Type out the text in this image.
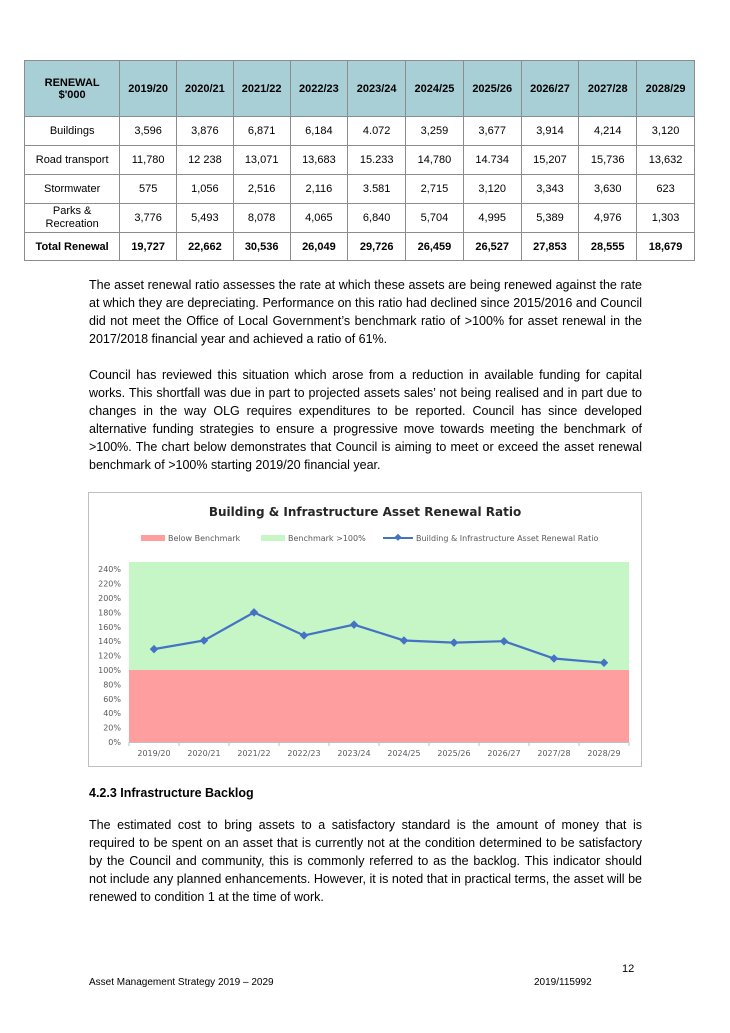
RENEWAL
$'000	2019/20	2020/21	2021/22	2022/23	2023/24	2024/25	2025/26	2026/27	2027/28	2028/29
Buildings	3,596	3,876	6,871	6,184	4.072	3,259	3,677	3,914	4,214	3,120
Road transport	11,780	12 238	13,071	13,683	15.233	14,780	14.734	15,207	15,736	13,632
Stormwater	575	1,056	2,516	2,116	3.581	2,715	3,120	3,343	3,630	623
Parks &
Recreation	3,776	5,493	8,078	4,065	6,840	5,704	4,995	5,389	4,976	1,303
Total Renewal	19,727	22,662	30,536	26,049	29,726	26,459	26,527	27,853	28,555	18,679

The asset renewal ratio assesses the rate at which these assets are being renewed against the rate at which they are depreciating. Performance on this ratio had declined since 2015/2016 and Council did not meet the Office of Local Government’s benchmark ratio of >100% for asset renewal in the 2017/2018 financial year and achieved a ratio of 61%.

Council has reviewed this situation which arose from a reduction in available funding for capital works. This shortfall was due in part to projected assets sales’ not being realised and in part due to changes in the way OLG requires expenditures to be reported. Council has since developed alternative funding strategies to ensure a progressive move towards meeting the benchmark of >100%. The chart below demonstrates that Council is aiming to meet or exceed the asset renewal benchmark of >100% starting 2019/20 financial year.

Building & Infrastructure Asset Renewal Ratio
Below Benchmark	Benchmark >100%	Building & Infrastructure Asset Renewal Ratio
0%
20%
40%
60%
80%
100%
120%
140%
160%
180%
200%
220%
240%
2019/20 2020/21 2021/22 2022/23 2023/24 2024/25 2025/26 2026/27 2027/28 2028/29

4.2.3 Infrastructure Backlog

The estimated cost to bring assets to a satisfactory standard is the amount of money that is required to be spent on an asset that is currently not at the condition determined to be satisfactory by the Council and community, this is commonly referred to as the backlog. This indicator should not include any planned enhancements. However, it is noted that in practical terms, the asset will be renewed to condition 1 at the time of work.

12
Asset Management Strategy 2019 – 2029	2019/115992
